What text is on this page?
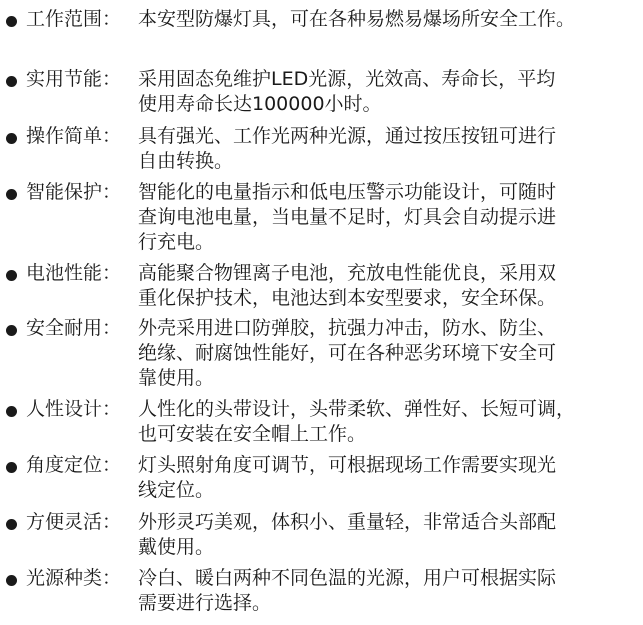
工作范围： 本安型防爆灯具，可在各种易燃易爆场所安全工作。
实用节能： 采用固态免维护LED光源，光效高、寿命长，平均
使用寿命长达100000小时。
操作简单： 具有强光、工作光两种光源，通过按压按钮可进行
自由转换。
智能保护： 智能化的电量指示和低电压警示功能设计，可随时
查询电池电量，当电量不足时，灯具会自动提示进
行充电。
电池性能： 高能聚合物锂离子电池，充放电性能优良，采用双
重化保护技术，电池达到本安型要求，安全环保。
安全耐用： 外壳采用进口防弹胶，抗强力冲击，防水、防尘、
绝缘、耐腐蚀性能好，可在各种恶劣环境下安全可
靠使用。
人性设计： 人性化的头带设计，头带柔软、弹性好、长短可调，
也可安装在安全帽上工作。
角度定位： 灯头照射角度可调节，可根据现场工作需要实现光
线定位。
方便灵活： 外形灵巧美观，体积小、重量轻，非常适合头部配
戴使用。
光源种类： 冷白、暖白两种不同色温的光源，用户可根据实际
需要进行选择。
